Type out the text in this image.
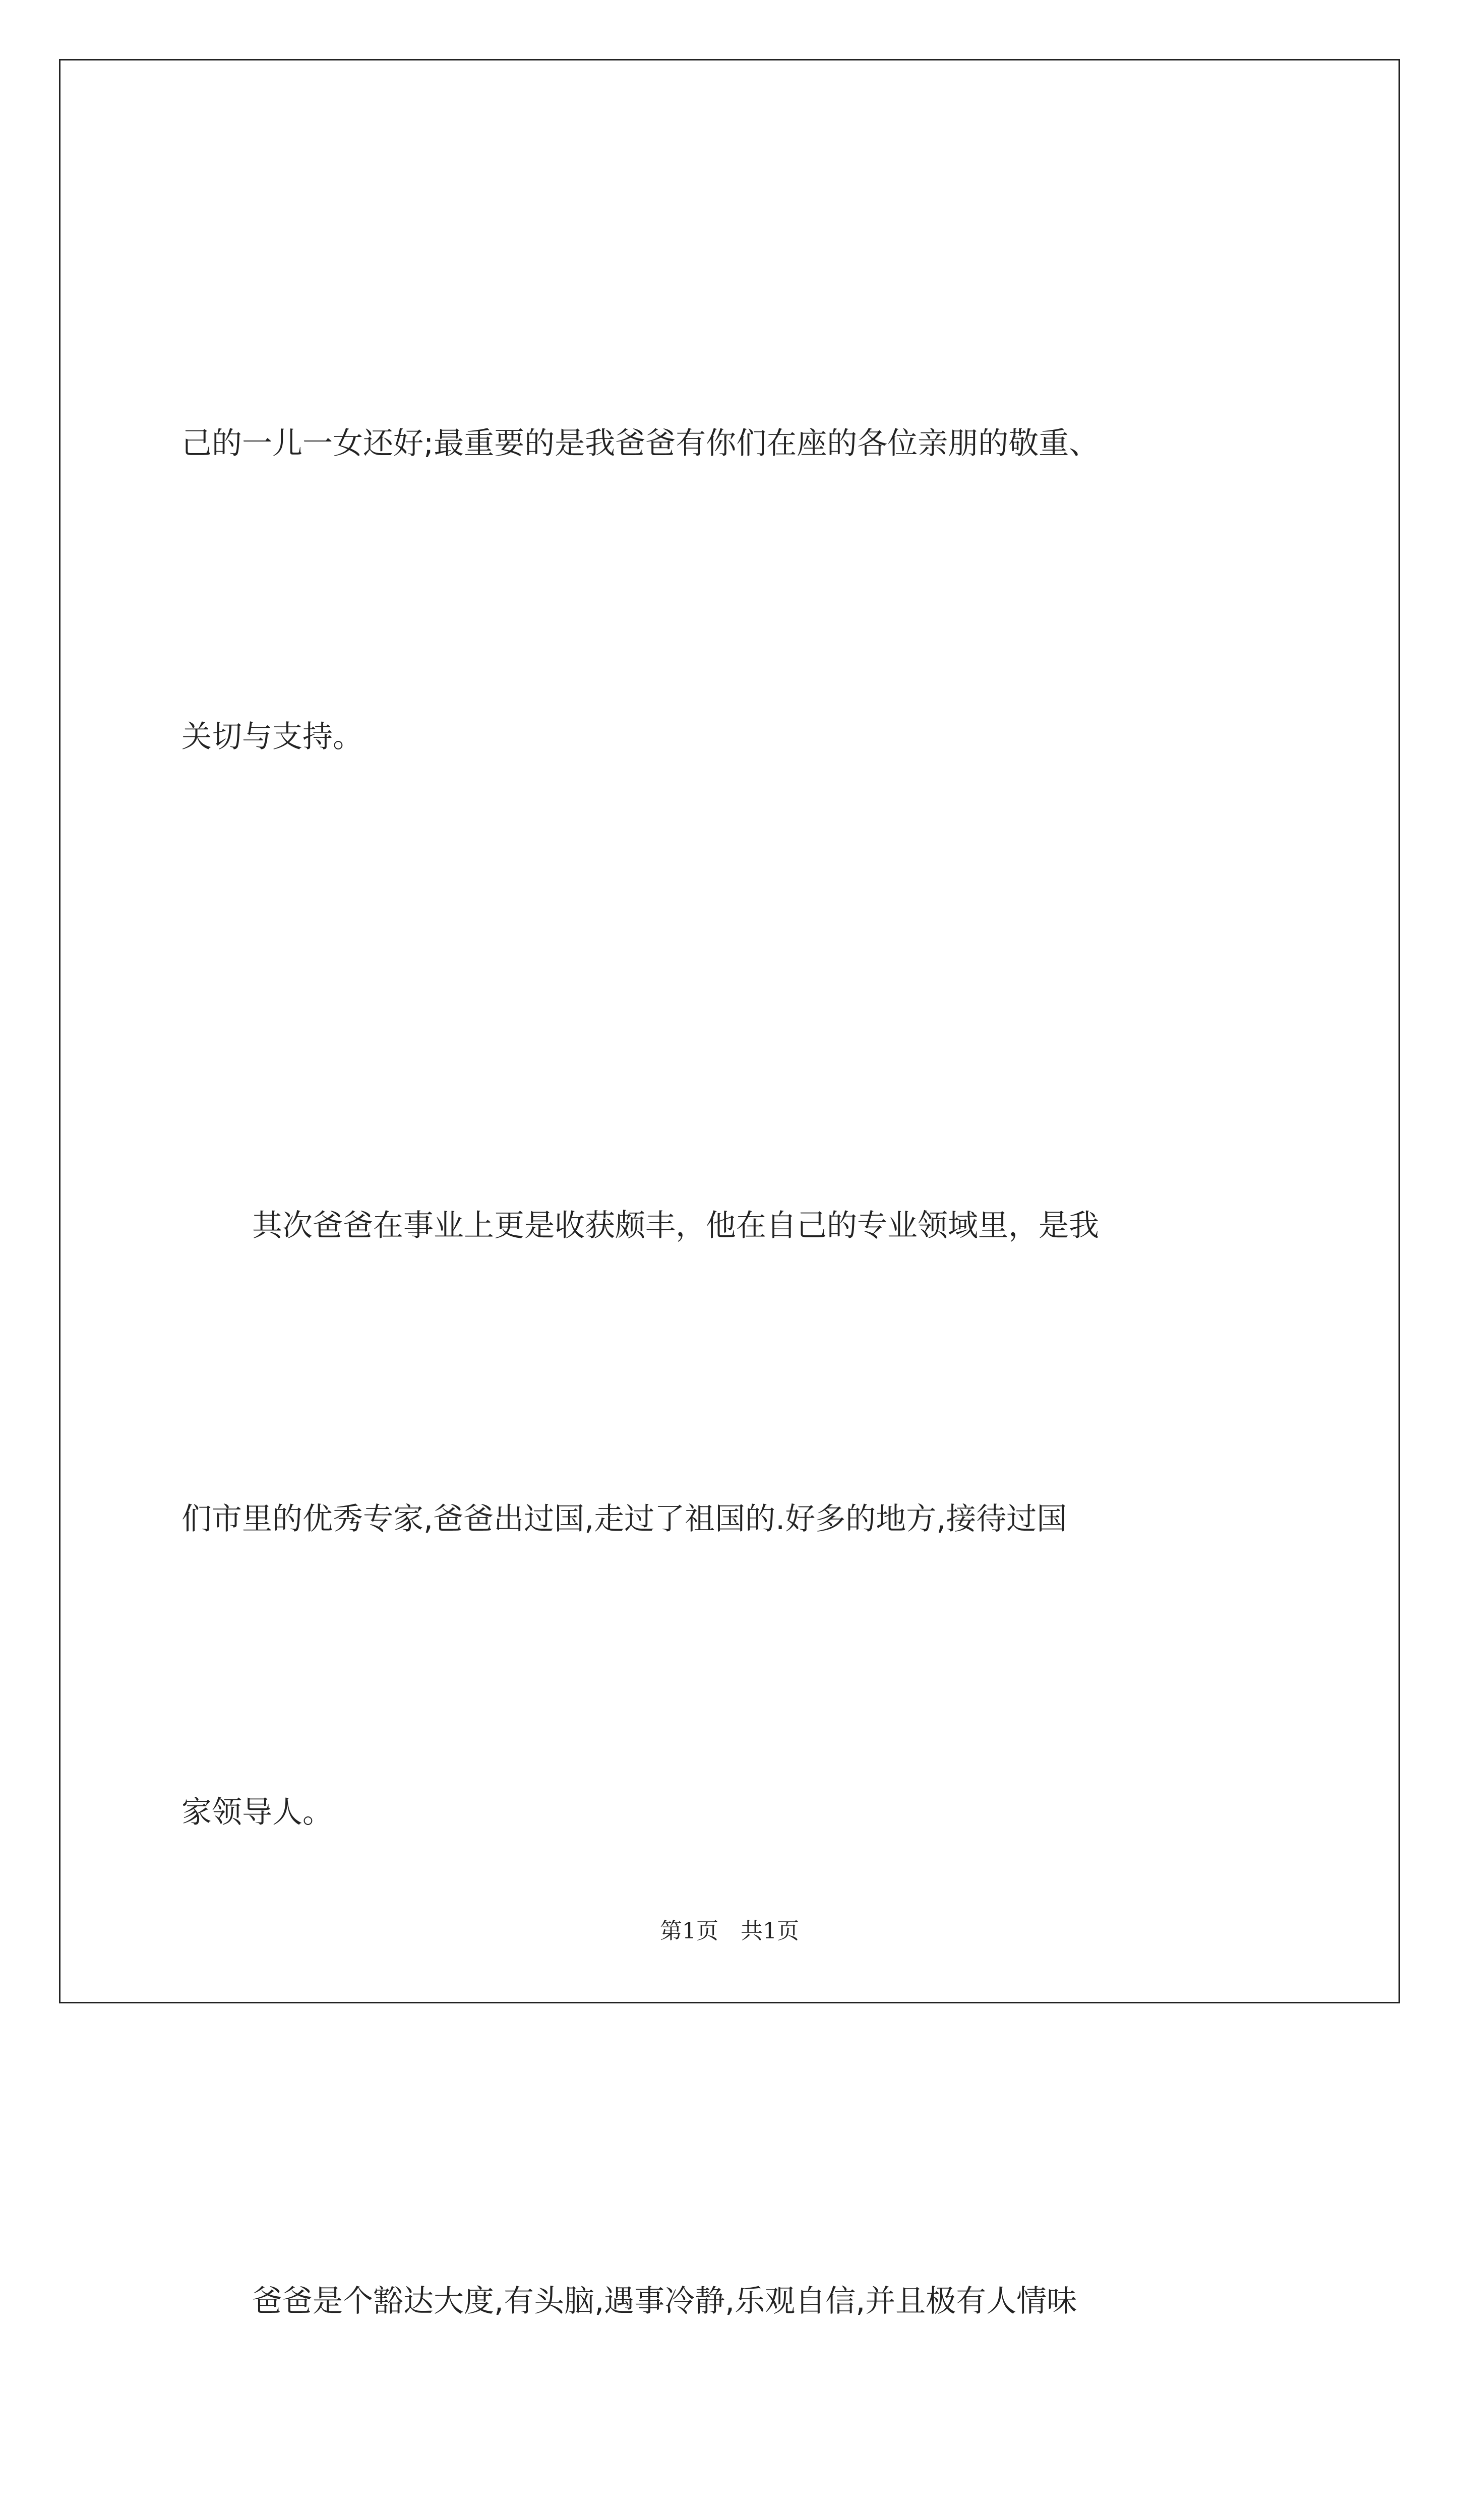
己的一儿一女还好;最重要的是我爸爸有你们在座的各位亲朋的敬重、

关切与支持。

其次爸爸在事业上更是收获颇丰，他在自己的专业领域里，是我

们市里的优秀专家,爸爸出过国,走过了祖国的.好多的地方,接待过国

家领导人。

爸爸是个豁达大度,有头脑,遇事冷静,乐观自信,并且极有人情味

第1页　共1页
